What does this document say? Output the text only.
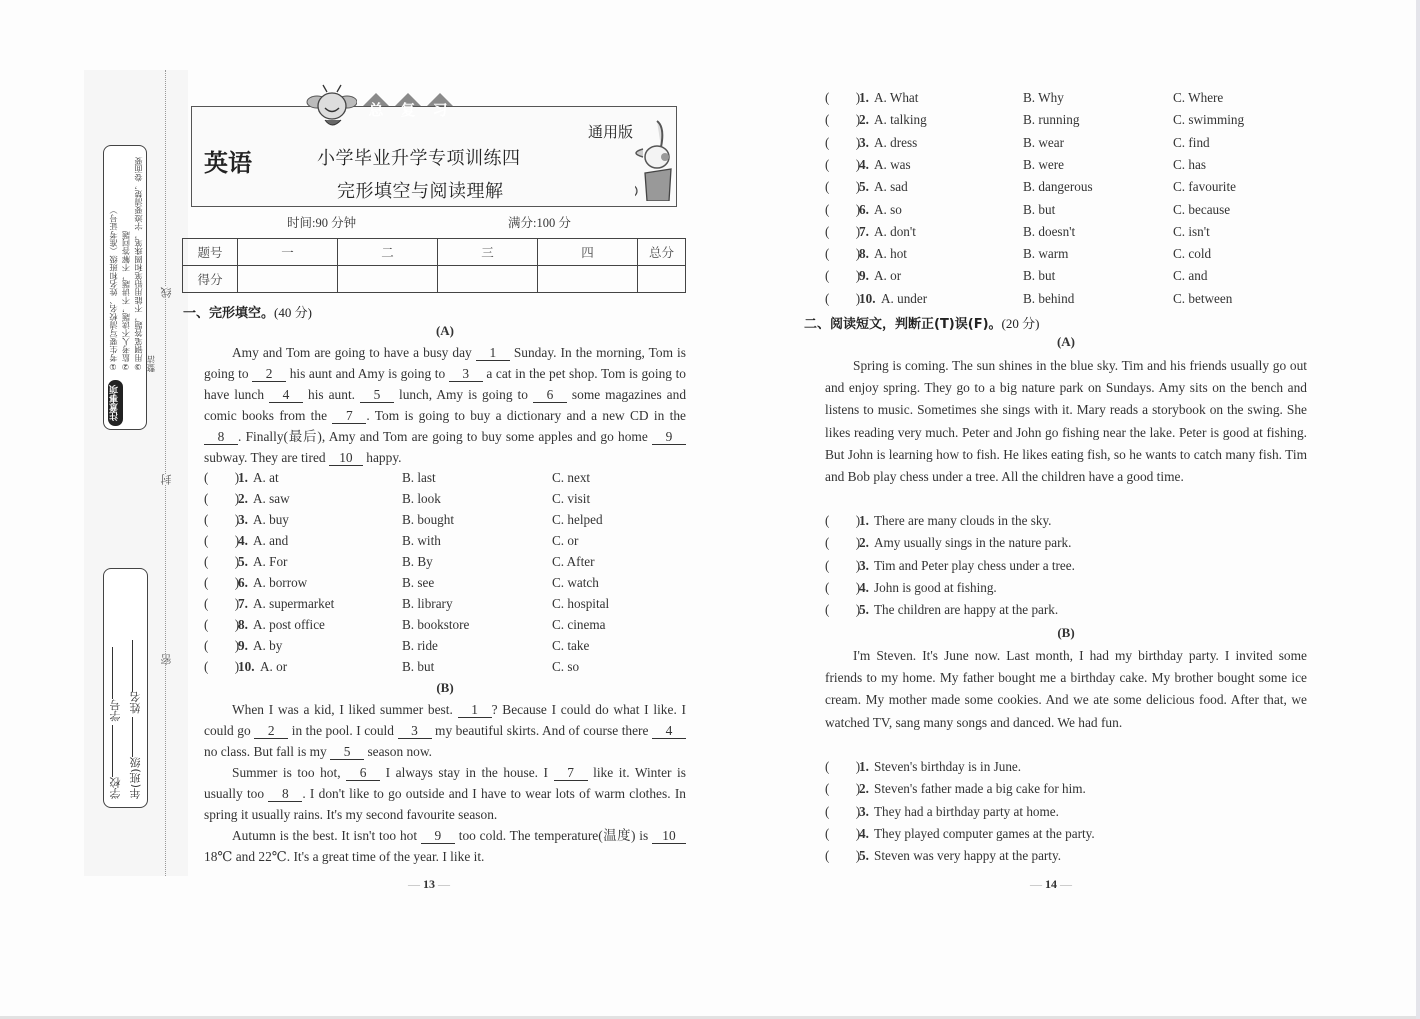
线
封
密
注意事项
①考生要写清校名、姓名和班级（准考证号） ②监考人不读题，不讲题，不解答问题 ③用钢笔答题，不能用铅笔和圆珠笔，字迹要清楚，卷面要整洁
学校 学号
年(班)级 姓名
英语	小学毕业升学专项训练四
完形填空与阅读理解
通用版
总	复	习
时间:90 分钟	满分:100 分
题号	一	二	三	四	总分
得分					
一、完形填空。(40 分)
(A)

Amy and Tom are going to have a busy day 1 Sunday. In the morning, Tom is going to 2 his aunt and Amy is going to 3 a cat in the pet shop. Tom is going to have lunch 4 his aunt. 5 lunch, Amy is going to 6 some magazines and comic books from the 7 . Tom is going to buy a dictionary and a new CD in the 8 . Finally(最后), Amy and Tom are going to buy some apples and go home 9 subway. They are tired 10 happy.

(        )
1. A. at	B. last	C. next
(        )
2. A. saw	B. look	C. visit
(        )
3. A. buy	B. bought	C. helped
(        )
4. A. and	B. with	C. or
(        )
5. A. For	B. By	C. After
(        )
6. A. borrow	B. see	C. watch
(        )
7. A. supermarket	B. library	C. hospital
(        )
8. A. post office	B. bookstore	C. cinema
(        )
9. A. by	B. ride	C. take
(        )
10. A. or	B. but	C. so
(B)

When I was a kid, I liked summer best. 1 ? Because I could do what I like. I could go 2 in the pool. I could 3 my beautiful skirts. And of course there 4 no class. But fall is my 5 season now.

Summer is too hot, 6 I always stay in the house. I 7 like it. Winter is usually too 8 . I don't like to go outside and I have to wear lots of warm clothes. In spring it usually rains. It's my second favourite season.

Autumn is the best. It isn't too hot 9 too cold. The temperature(温度) is 10 18℃ and 22℃. It's a great time of the year. I like it.

— 13 —
(        )
1. A. What	B. Why	C. Where
(        )
2. A. talking	B. running	C. swimming
(        )
3. A. dress	B. wear	C. find
(        )
4. A. was	B. were	C. has
(        )
5. A. sad	B. dangerous	C. favourite
(        )
6. A. so	B. but	C. because
(        )
7. A. don't	B. doesn't	C. isn't
(        )
8. A. hot	B. warm	C. cold
(        )
9. A. or	B. but	C. and
(        )
10. A. under	B. behind	C. between
二、阅读短文，判断正(T)误(F)。(20 分)
(A)

Spring is coming. The sun shines in the blue sky. Tim and his friends usually go out and enjoy spring. They go to a big nature park on Sundays. Amy sits on the bench and listens to music. Sometimes she sings with it. Mary reads a storybook on the swing. She likes reading very much. Peter and John go fishing near the lake. Peter is good at fishing. But John is learning how to fish. He likes eating fish, so he wants to catch many fish. Tim and Bob play chess under a tree. All the children have a good time.

(        )
1. There are many clouds in the sky.
(        )
2. Amy usually sings in the nature park.
(        )
3. Tim and Peter play chess under a tree.
(        )
4. John is good at fishing.
(        )
5. The children are happy at the park.
(B)

I'm Steven. It's June now. Last month, I had my birthday party. I invited some friends to my home. My father bought me a birthday cake. My brother bought some ice cream. My mother made some cookies. And we ate some delicious food. After that, we watched TV, sang many songs and danced. We had fun.

(        )
1. Steven's birthday is in June.
(        )
2. Steven's father made a big cake for him.
(        )
3. They had a birthday party at home.
(        )
4. They played computer games at the party.
(        )
5. Steven was very happy at the party.
— 14 —
